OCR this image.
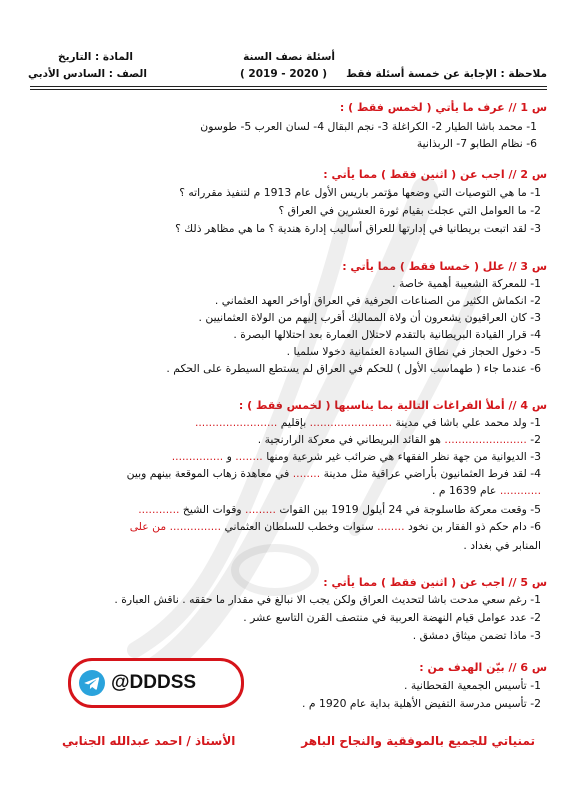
ملاحظة : الإجابة عن خمسة أسئلة فقط
أسئلة نصف السنة
( 2019 - 2020 )
المادة : التاريخ
الصف : السادس الأدبي
س 1 // عرف ما يأتي ( لخمس فقط ) :
1- محمد باشا الطيار 2- الكراغلة 3- نجم البقال 4- لسان العرب 5- طوسون
6- نظام الطابو 7- الربذانية
س 2 // اجب عن ( اثنين فقط ) مما يأتي :
1- ما هي التوصيات التي وضعها مؤتمر باريس الأول عام 1913 م لتنفيذ مقرراته ؟
2- ما العوامل التي عجلت بقيام ثورة العشرين في العراق ؟
3- لقد اتبعت بريطانيا في إدارتها للعراق أساليب إدارة هندية ؟ ما هي مظاهر ذلك ؟
س 3 // علل ( خمسا فقط ) مما يأتي :
1- للمعركة الشعيبة أهمية خاصة .
2- انكماش الكثير من الصناعات الحرفية في العراق أواخر العهد العثماني .
3- كان العراقيون يشعرون أن ولاة المماليك أقرب إليهم من الولاة العثمانيين .
4- قرار القيادة البريطانية بالتقدم لاحتلال العمارة بعد احتلالها البصرة .
5- دخول الحجاز في نطاق السيادة العثمانية دخولا سلميا .
6- عندما جاء ( طهماسب الأول ) للحكم في العراق لم يستطع السيطرة على الحكم .
س 4 // أملأ الفراغات التالية بما يناسبها ( لخمس فقط ) :
1- ولد محمد علي باشا في مدينة ........................ بإقليم ........................
2- ........................ هو القائد البريطاني في معركة الرارنجية .
3- الديوانية من جهة نظر الفقهاء هي ضرائب غير شرعية ومنها ........ و ...............
4- لقد فرط العثمانيون بأراضي عراقية مثل مدينة ........ في معاهدة زهاب الموقعة بينهم وبين
............ عام 1639 م .
5- وقعت معركة طاسلوجة في 24 أيلول 1919 بين القوات ......... وقوات الشيخ ............
6- دام حكم ذو الفقار بن نخود ........ سنوات وخطب للسلطان العثماني ............... من على
المنابر في بغداد .
س 5 // اجب عن ( اثنين فقط ) مما يأتي :
1- رغم سعي مدحت باشا لتحديث العراق ولكن يجب الا نبالغ في مقدار ما حققه . ناقش العبارة .
2- عدد عوامل قيام النهضة العربية في منتصف القرن التاسع عشر .
3- ماذا تضمن ميثاق دمشق .
س 6 // بيّن الهدف من :
1- تأسيس الجمعية القحطانية .
2- تأسيس مدرسة التفيض الأهلية بداية عام 1920 م .
تمنياتي للجميع بالموفقية والنجاح الباهر
الأستاذ / احمد عبدالله الجنابي
@DDDSS
